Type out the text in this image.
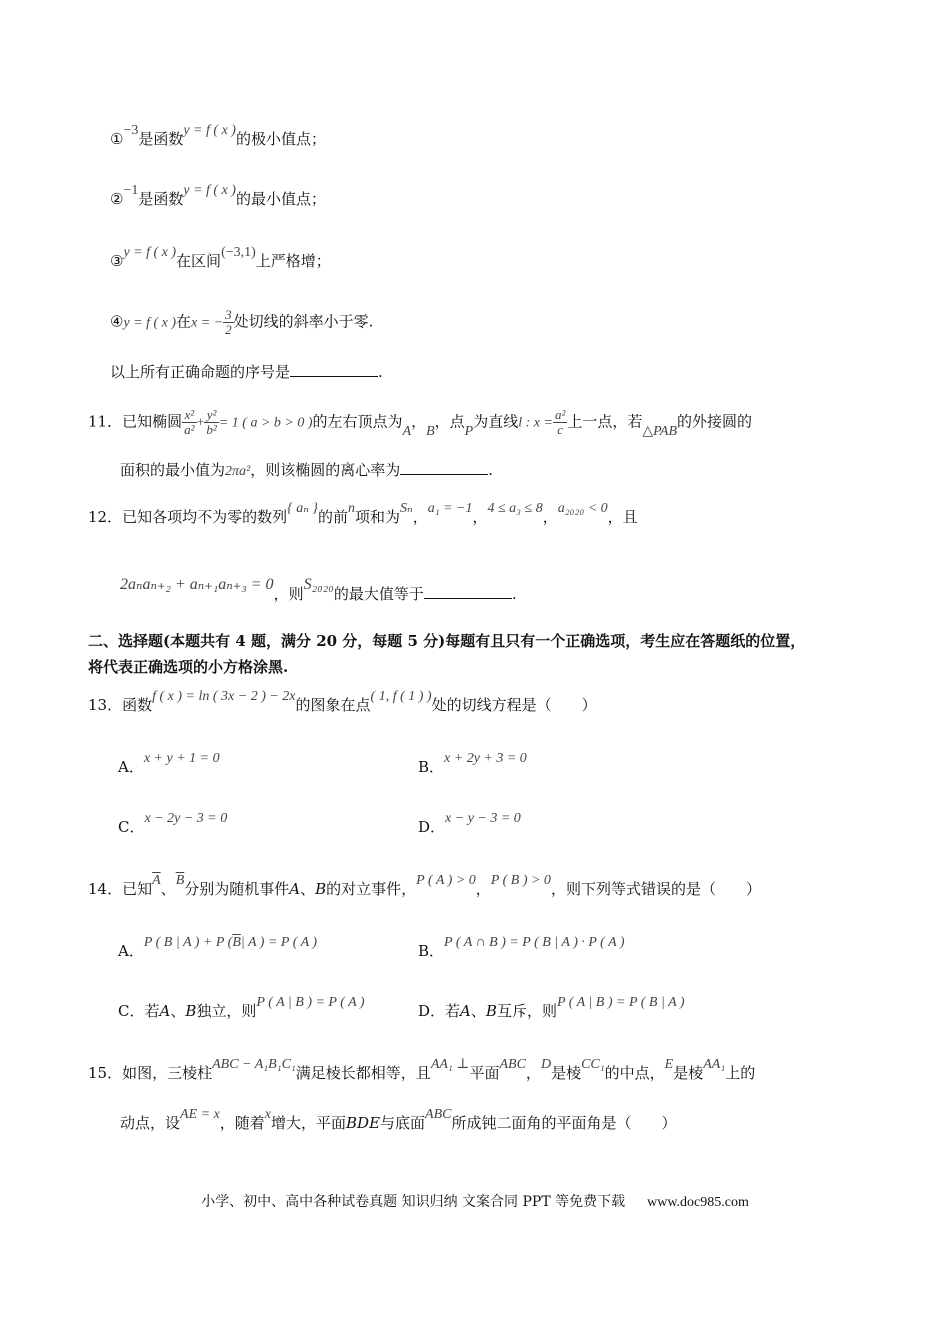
①−3是函数y = f ( x )的极小值点；
②−1是函数y = f ( x )的最小值点；
③y = f ( x )在区间(−3,1)上严格增；
④y = f ( x )在x = − $\frac{3}{2}$ 处切线的斜率小于零.
以上所有正确命题的序号是	.
11．已知椭圆 $\frac{\text{x²}}{\text{a²}} + \frac{\text{y²}}{\text{b²}} = 1$ ( a > b > 0 )的左右顶点为A，B，点P为直线l : $x = \frac{\text{a²}}{c}$ 上一点，若△PAB的外接圆的
面积的最小值为2πa²，则该椭圆的离心率为	.
12．已知各项均不为零的数列{ aₙ }的前n项和为Sₙ，a₁ = −1，4 ≤ a₃ ≤ 8，a₂₀₂₀ < 0，且
2aₙaₙ₊₂ + aₙ₊₁aₙ₊₃ = 0，则S₂₀₂₀的最大值等于	.
二、选择题(本题共有 4 题，满分 20 分，每题 5 分)每题有且只有一个正确选项，考生应在答题纸的位置，
将代表正确选项的小方格涂黑.
13．函数f ( x ) = ln ( 3x − 2 ) − 2x的图象在点( 1, f ( 1 ) )处的切线方程是（　　）
A．x + y + 1 = 0	B．x + 2y + 3 = 0
C．x − 2y − 3 = 0	D．x − y − 3 = 0
14．已知$\overline{A}$、$\overline{B}$分别为随机事件A、B的对立事件，P ( A ) > 0，P ( B ) > 0，则下列等式错误的是（　　）
A．P ( B | A ) + P ($\overline{B}|$ A ) = P ( A )	B．P ( A ∩ B ) = P ( B | A ) · P ( A )
C．若A、B独立，则P ( A | B ) = P ( A )	D．若A、B互斥，则P ( A | B ) = P ( B | A )
15．如图，三棱柱ABC − A₁B₁C₁满足棱长都相等，且AA₁ ⊥平面ABC，D是棱CC₁的中点，E是棱AA₁上的
动点，设AE = x，随着x增大，平面BDE与底面ABC所成钝二面角的平面角是（　　）
小学、初中、高中各种试卷真题 知识归纳 文案合同 PPT 等免费下载 www.doc985.com
